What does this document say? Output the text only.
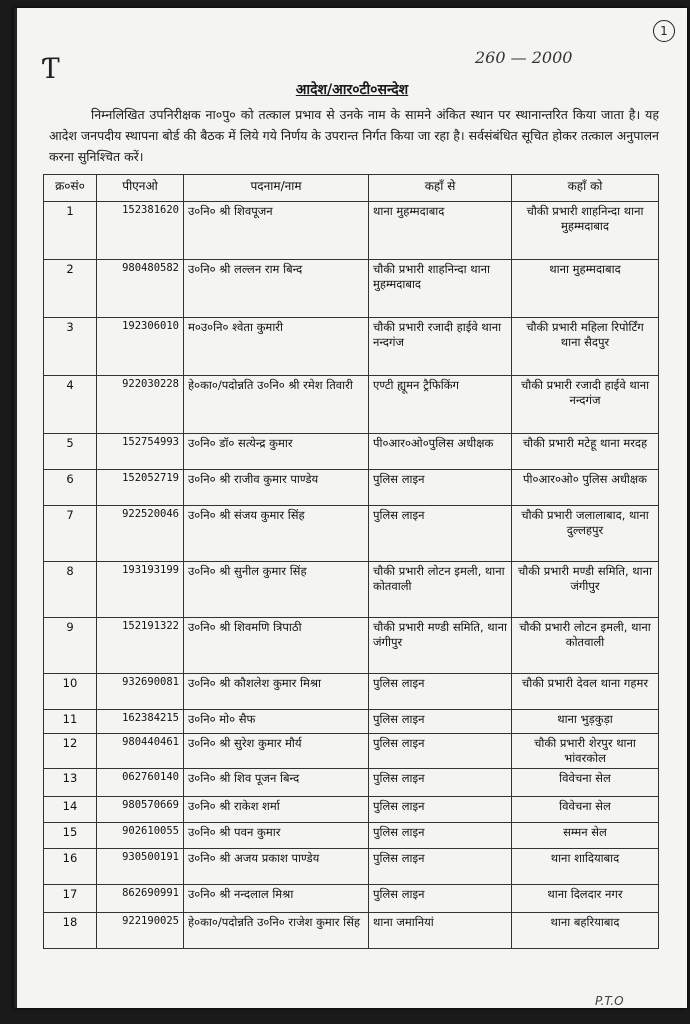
1
Ƭ	260 — 2000
आदेश/आर०टी०सन्देश
निम्नलिखित उपनिरीक्षक ना०पु० को तत्काल प्रभाव से उनके नाम के सामने अंकित स्थान पर स्थानान्तरित किया जाता है। यह आदेश जनपदीय स्थापना बोर्ड की बैठक में लिये गये निर्णय के उपरान्त निर्गत किया जा रहा है। सर्वसंबंधित सूचित होकर तत्काल अनुपालन करना सुनिश्चित करें।
क्र०सं०	पीएनओ	पदनाम/नाम	कहाँ से	कहाँ को
1	152381620	उ०नि० श्री शिवपूजन	थाना मुहम्मदाबाद	चौकी प्रभारी शाहनिन्दा थाना मुहम्मदाबाद
2	980480582	उ०नि० श्री लल्लन राम बिन्द	चौकी प्रभारी शाहनिन्दा थाना मुहम्मदाबाद	थाना मुहम्मदाबाद
3	192306010	म०उ०नि० श्वेता कुमारी	चौकी प्रभारी रजादी हाईवे थाना नन्दगंज	चौकी प्रभारी महिला रिपोर्टिंग थाना सैदपुर
4	922030228	हे०का०/पदोन्नति उ०नि० श्री रमेश तिवारी	एण्टी ह्यूमन ट्रैफिकिंग	चौकी प्रभारी रजादी हाईवे थाना नन्दगंज
5	152754993	उ०नि० डॉ० सत्येन्द्र कुमार	पी०आर०ओ०पुलिस अधीक्षक	चौकी प्रभारी मटेहू थाना मरदह
6	152052719	उ०नि० श्री राजीव कुमार पाण्डेय	पुलिस लाइन	पी०आर०ओ० पुलिस अधीक्षक
7	922520046	उ०नि० श्री संजय कुमार सिंह	पुलिस लाइन	चौकी प्रभारी जलालाबाद, थाना दुल्लहपुर
8	193193199	उ०नि० श्री सुनील कुमार सिंह	चौकी प्रभारी लोटन इमली, थाना कोतवाली	चौकी प्रभारी मण्डी समिति, थाना जंगीपुर
9	152191322	उ०नि० श्री शिवमणि त्रिपाठी	चौकी प्रभारी मण्डी समिति, थाना जंगीपुर	चौकी प्रभारी लोटन इमली, थाना कोतवाली
10	932690081	उ०नि० श्री कौशलेश कुमार मिश्रा	पुलिस लाइन	चौकी प्रभारी देवल थाना गहमर
11	162384215	उ०नि० मो० सैफ	पुलिस लाइन	थाना भुड़कुड़ा
12	980440461	उ०नि० श्री सुरेश कुमार मौर्य	पुलिस लाइन	चौकी प्रभारी शेरपुर थाना भांवरकोल
13	062760140	उ०नि० श्री शिव पूजन बिन्द	पुलिस लाइन	विवेचना सेल
14	980570669	उ०नि० श्री राकेश शर्मा	पुलिस लाइन	विवेचना सेल
15	902610055	उ०नि० श्री पवन कुमार	पुलिस लाइन	सम्मन सेल
16	930500191	उ०नि० श्री अजय प्रकाश पाण्डेय	पुलिस लाइन	थाना शादियाबाद
17	862690991	उ०नि० श्री नन्दलाल मिश्रा	पुलिस लाइन	थाना दिलदार नगर
18	922190025	हे०का०/पदोन्नति उ०नि० राजेश कुमार सिंह	थाना जमानियां	थाना बहरियाबाद
P.T.O
